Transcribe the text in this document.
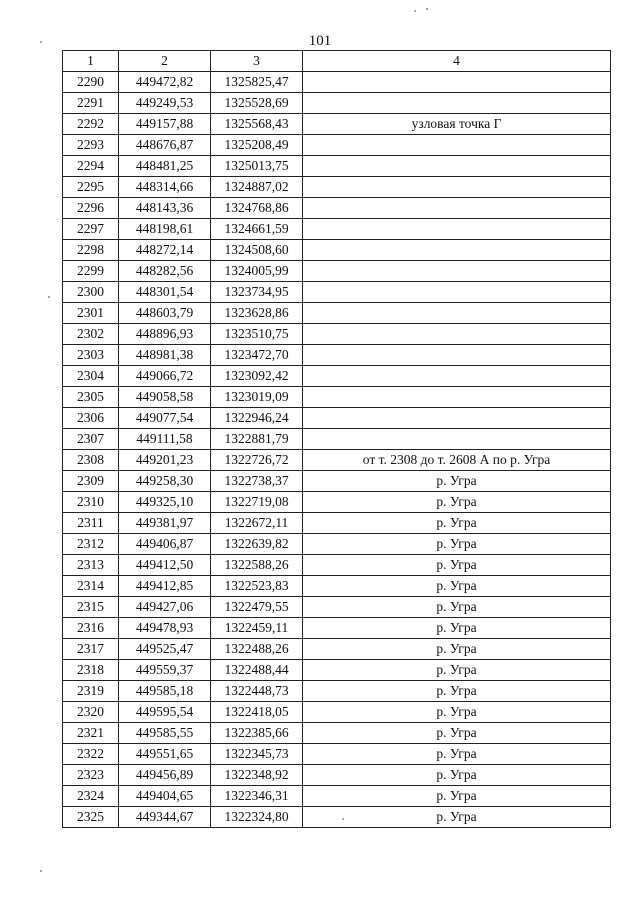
101
1	2	3	4
2290	449472,82	1325825,47	
2291	449249,53	1325528,69	
2292	449157,88	1325568,43	узловая точка Г
2293	448676,87	1325208,49	
2294	448481,25	1325013,75	
2295	448314,66	1324887,02	
2296	448143,36	1324768,86	
2297	448198,61	1324661,59	
2298	448272,14	1324508,60	
2299	448282,56	1324005,99	
2300	448301,54	1323734,95	
2301	448603,79	1323628,86	
2302	448896,93	1323510,75	
2303	448981,38	1323472,70	
2304	449066,72	1323092,42	
2305	449058,58	1323019,09	
2306	449077,54	1322946,24	
2307	449111,58	1322881,79	
2308	449201,23	1322726,72	от т. 2308 до т. 2608 А по р. Угра
2309	449258,30	1322738,37	р. Угра
2310	449325,10	1322719,08	р. Угра
2311	449381,97	1322672,11	р. Угра
2312	449406,87	1322639,82	р. Угра
2313	449412,50	1322588,26	р. Угра
2314	449412,85	1322523,83	р. Угра
2315	449427,06	1322479,55	р. Угра
2316	449478,93	1322459,11	р. Угра
2317	449525,47	1322488,26	р. Угра
2318	449559,37	1322488,44	р. Угра
2319	449585,18	1322448,73	р. Угра
2320	449595,54	1322418,05	р. Угра
2321	449585,55	1322385,66	р. Угра
2322	449551,65	1322345,73	р. Угра
2323	449456,89	1322348,92	р. Угра
2324	449404,65	1322346,31	р. Угра
2325	449344,67	1322324,80	р. Угра
